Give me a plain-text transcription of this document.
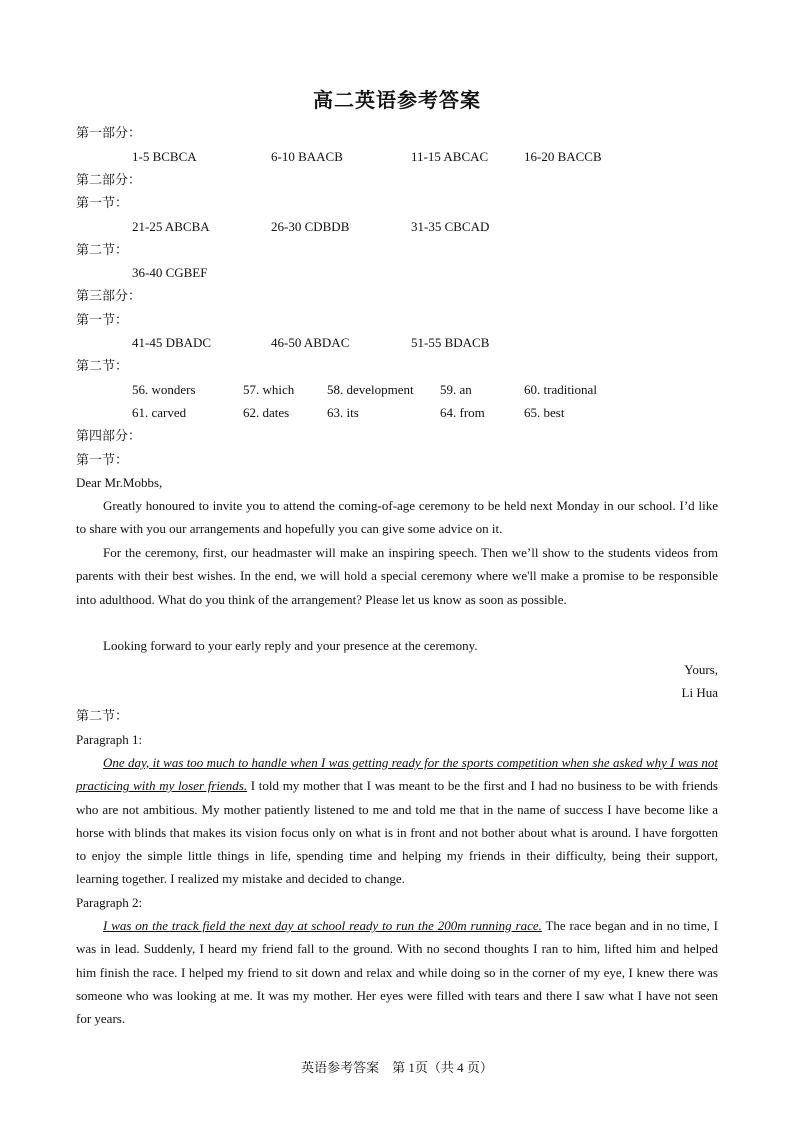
高二英语参考答案
第一部分：
1-5 BCBCA	6-10 BAACB	11-15 ABCAC	16-20 BACCB
第二部分：
第一节：
21-25 ABCBA	26-30 CDBDB	31-35 CBCAD
第二节：
36-40 CGBEF
第三部分：
第一节：
41-45 DBADC	46-50 ABDAC	51-55 BDACB
第二节：
56. wonders	57. which	58. development 59. an	60. traditional
61. carved	62. dates	63. its	64. from	65. best
第四部分：
第一节：
Dear Mr.Mobbs,
Greatly honoured to invite you to attend the coming-of-age ceremony to be held next Monday in our school. I’d like to share with you our arrangements and hopefully you can give some advice on it.
For the ceremony, first, our headmaster will make an inspiring speech. Then we’ll show to the students videos from parents with their best wishes. In the end, we will hold a special ceremony where we'll make a promise to be responsible into adulthood. What do you think of the arrangement? Please let us know as soon as possible.
Looking forward to your early reply and your presence at the ceremony.
Yours,
Li Hua
第二节：
Paragraph 1:
One day, it was too much to handle when I was getting ready for the sports competition when she asked why I was not practicing with my loser friends. I told my mother that I was meant to be the first and I had no business to be with friends who are not ambitious. My mother patiently listened to me and told me that in the name of success I have become like a horse with blinds that makes its vision focus only on what is in front and not bother about what is around. I have forgotten to enjoy the simple little things in life, spending time and helping my friends in their difficulty, being their support, learning together. I realized my mistake and decided to change.
Paragraph 2:
I was on the track field the next day at school ready to run the 200m running race. The race began and in no time, I was in lead. Suddenly, I heard my friend fall to the ground. With no second thoughts I ran to him, lifted him and helped him finish the race. I helped my friend to sit down and relax and while doing so in the corner of my eye, I knew there was someone who was looking at me. It was my mother. Her eyes were filled with tears and there I saw what I have not seen for years.
英语参考答案　第 1页（共 4 页）
